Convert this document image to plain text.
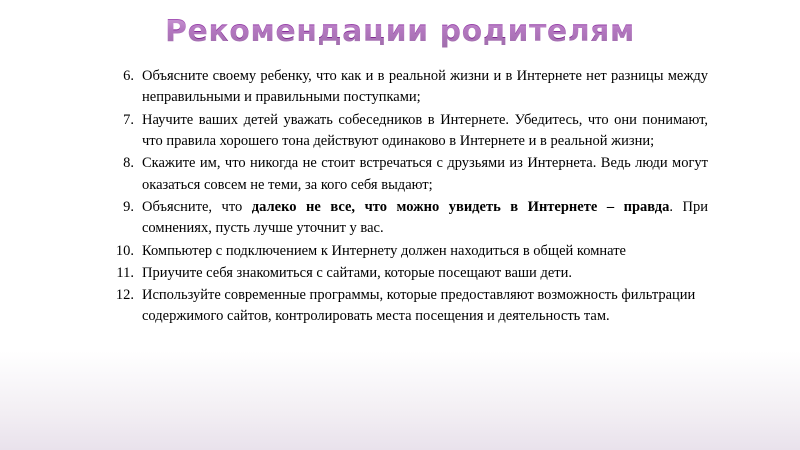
Рекомендации родителям
6. Объясните своему ребенку, что как и в реальной жизни и в Интернете нет разницы между неправильными и правильными поступками;
7. Научите ваших детей уважать собеседников в Интернете. Убедитесь, что они понимают, что правила хорошего тона действуют одинаково в Интернете и в реальной жизни;
8. Скажите им, что никогда не стоит встречаться с друзьями из Интернета. Ведь люди могут оказаться совсем не теми, за кого себя выдают;
9. Объясните, что далеко не все, что можно увидеть в Интернете – правда. При сомнениях, пусть лучше уточнит у вас.
10. Компьютер с подключением к Интернету должен находиться в общей комнате
11. Приучите себя знакомиться с сайтами, которые посещают ваши дети.
12. Используйте современные программы, которые предоставляют возможность фильтрации содержимого сайтов, контролировать места посещения и деятельность там.
